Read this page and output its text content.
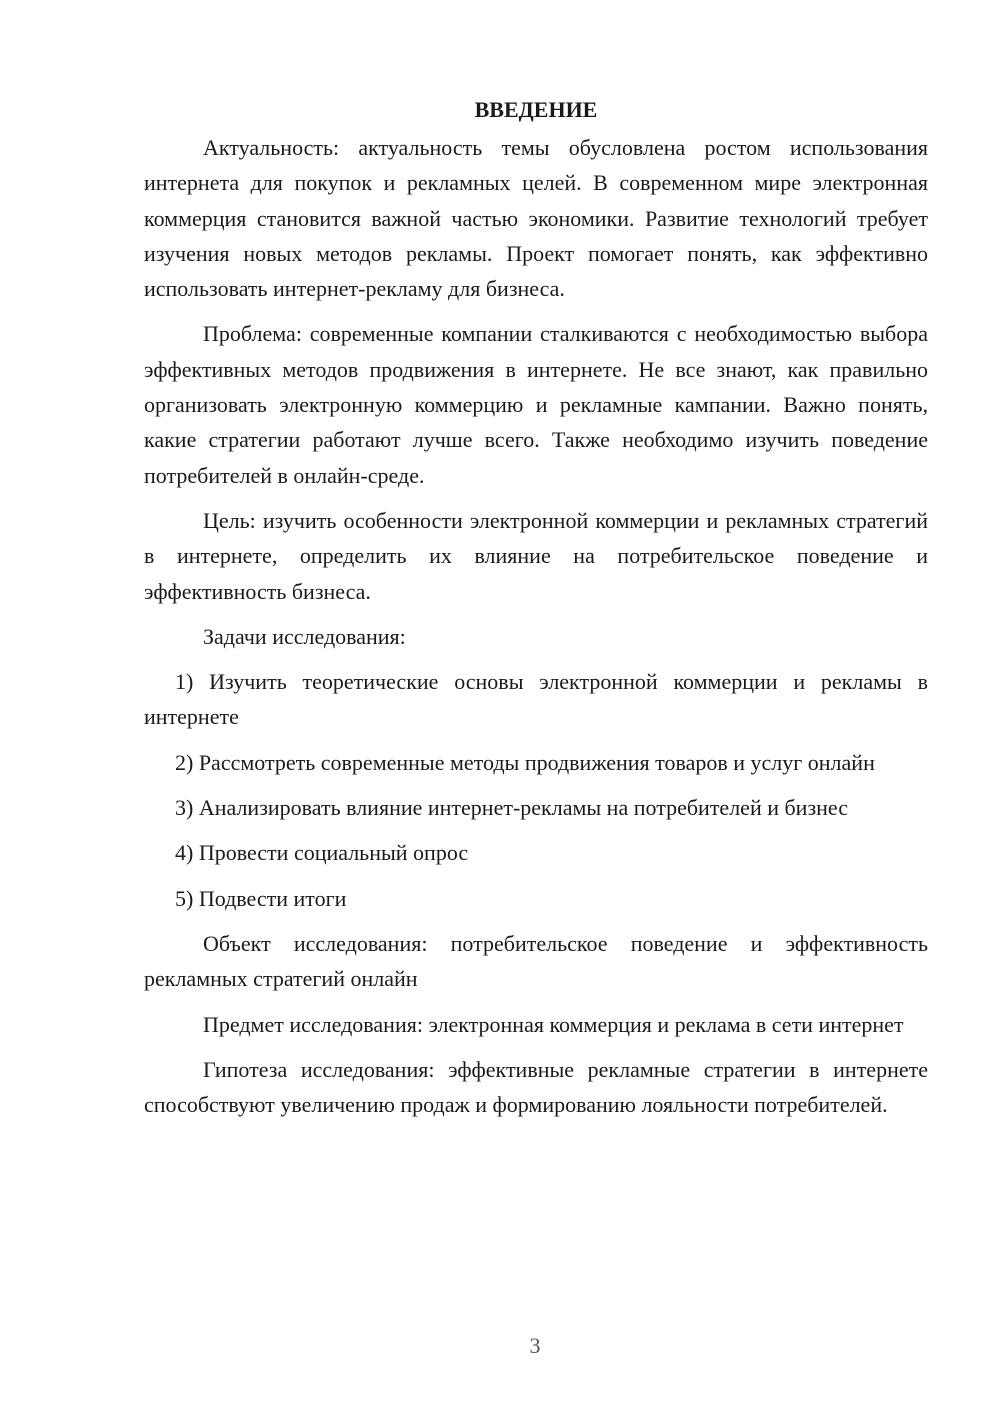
ВВЕДЕНИЕ

Актуальность: актуальность темы обусловлена ростом использования интернета для покупок и рекламных целей. В современном мире электронная коммерция становится важной частью экономики. Развитие технологий требует изучения новых методов рекламы. Проект помогает понять, как эффективно использовать интернет-рекламу для бизнеса.

Проблема: современные компании сталкиваются с необходимостью выбора эффективных методов продвижения в интернете. Не все знают, как правильно организовать электронную коммерцию и рекламные кампании. Важно понять, какие стратегии работают лучше всего. Также необходимо изучить поведение потребителей в онлайн-среде.

Цель: изучить особенности электронной коммерции и рекламных стратегий в интернете, определить их влияние на потребительское поведение и эффективность бизнеса.

Задачи исследования:

1) Изучить теоретические основы электронной коммерции и рекламы в интернете

2) Рассмотреть современные методы продвижения товаров и услуг онлайн

3) Анализировать влияние интернет-рекламы на потребителей и бизнес

4) Провести социальный опрос

5) Подвести итоги

Объект исследования: потребительское поведение и эффективность рекламных стратегий онлайн

Предмет исследования: электронная коммерция и реклама в сети интернет

Гипотеза исследования: эффективные рекламные стратегии в интернете способствуют увеличению продаж и формированию лояльности потребителей.

3
